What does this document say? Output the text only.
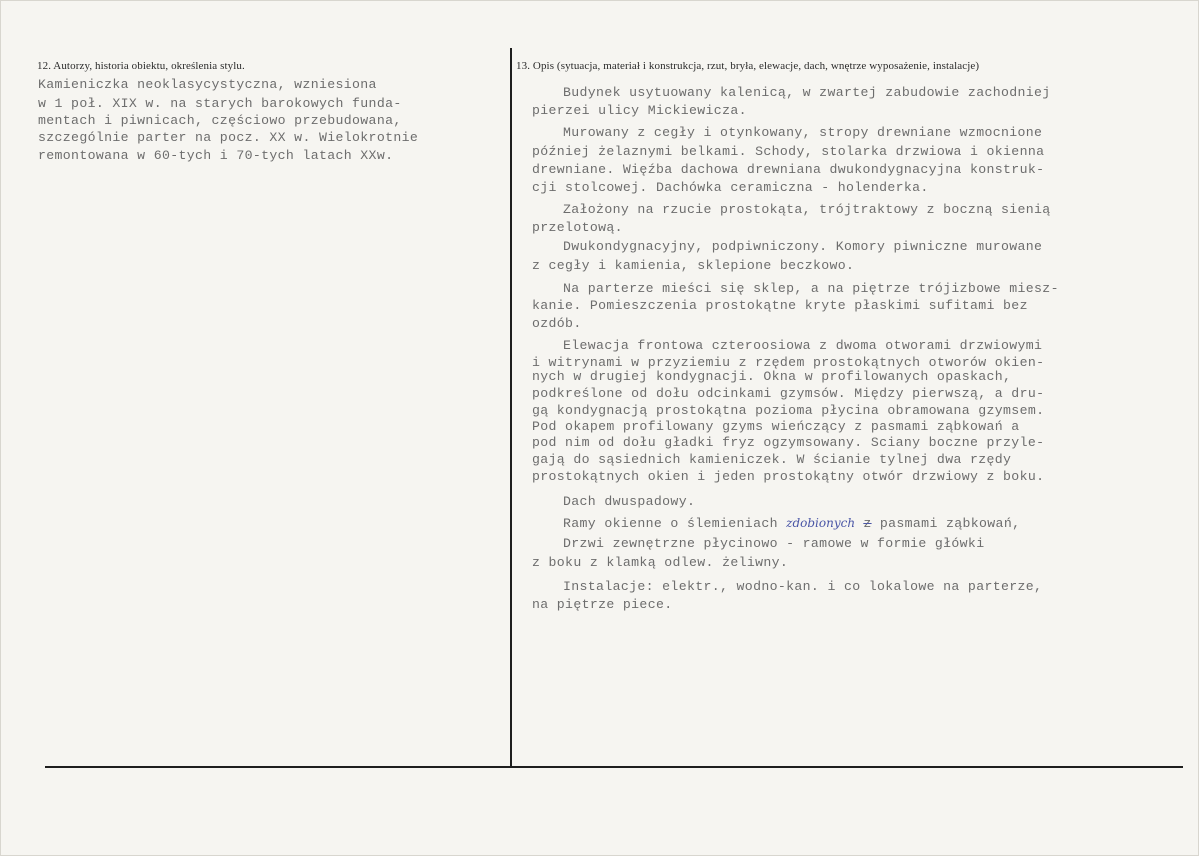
12. Autorzy, historia obiektu, określenia stylu.	13. Opis (sytuacja, materiał i konstrukcja, rzut, bryła, elewacje, dach, wnętrze wyposażenie, instalacje)
Kamieniczka neoklasycystyczna, wzniesiona
w 1 poł. XIX w. na starych barokowych funda-
mentach i piwnicach, częściowo przebudowana,
szczególnie parter na pocz. XX w. Wielokrotnie
remontowana w 60-tych i 70-tych latach XXw.
Budynek usytuowany kalenicą, w zwartej zabudowie zachodniej
pierzei ulicy Mickiewicza.
Murowany z cegły i otynkowany, stropy drewniane wzmocnione
później żelaznymi belkami. Schody, stolarka drzwiowa i okienna
drewniane. Więźba dachowa drewniana dwukondygnacyjna konstruk-
cji stolcowej. Dachówka ceramiczna - holenderka.
Założony na rzucie prostokąta, trójtraktowy z boczną sienią
przelotową.
Dwukondygnacyjny, podpiwniczony. Komory piwniczne murowane
z cegły i kamienia, sklepione beczkowo.
Na parterze mieści się sklep, a na piętrze trójizbowe miesz-
kanie. Pomieszczenia prostokątne kryte płaskimi sufitami bez
ozdób.
Elewacja frontowa czteroosiowa z dwoma otworami drzwiowymi
i witrynami w przyziemiu z rzędem prostokątnych otworów okien-
nych w drugiej kondygnacji. Okna w profilowanych opaskach,
podkreślone od dołu odcinkami gzymsów. Między pierwszą, a dru-
gą kondygnacją prostokątna pozioma płycina obramowana gzymsem.
Pod okapem profilowany gzyms wieńczący z pasmami ząbkowań a
pod nim od dołu gładki fryz ogzymsowany. Sciany boczne przyle-
gają do sąsiednich kamieniczek. W ścianie tylnej dwa rzędy
prostokątnych okien i jeden prostokątny otwór drzwiowy z boku.
Dach dwuspadowy.
Ramy okienne o ślemieniach zdobionych z pasmami ząbkowań,
Drzwi zewnętrzne płycinowo - ramowe w formie główki
z boku z klamką odlew. żeliwny.
Instalacje: elektr., wodno-kan. i co lokalowe na parterze,
na piętrze piece.
